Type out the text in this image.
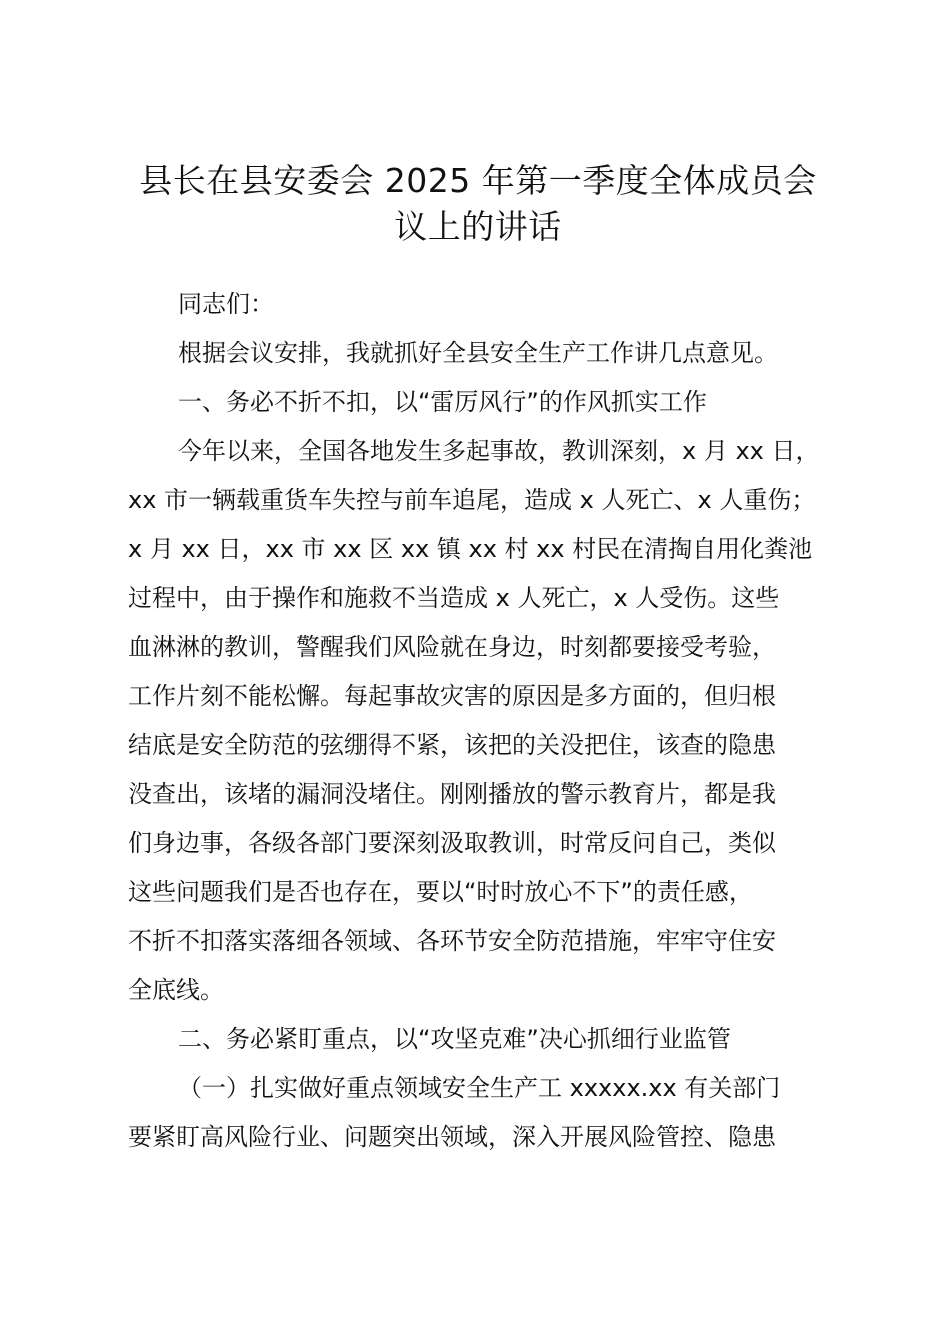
县长在县安委会 2025 年第一季度全体成员会
议上的讲话
同志们：
根据会议安排，我就抓好全县安全生产工作讲几点意见。
一、务必不折不扣，以“雷厉风行”的作风抓实工作
今年以来，全国各地发生多起事故，教训深刻，x 月 xx 日，
xx 市一辆载重货车失控与前车追尾，造成 x 人死亡、x 人重伤；
x 月 xx 日，xx 市 xx 区 xx 镇 xx 村 xx 村民在清掏自用化粪池
过程中，由于操作和施救不当造成 x 人死亡，x 人受伤。这些
血淋淋的教训，警醒我们风险就在身边，时刻都要接受考验，
工作片刻不能松懈。每起事故灾害的原因是多方面的，但归根
结底是安全防范的弦绷得不紧，该把的关没把住，该查的隐患
没查出，该堵的漏洞没堵住。刚刚播放的警示教育片，都是我
们身边事，各级各部门要深刻汲取教训，时常反问自己，类似
这些问题我们是否也存在，要以“时时放心不下”的责任感，
不折不扣落实落细各领域、各环节安全防范措施，牢牢守住安
全底线。
二、务必紧盯重点，以“攻坚克难”决心抓细行业监管
（一）扎实做好重点领域安全生产工 xxxxx.xx 有关部门
要紧盯高风险行业、问题突出领域，深入开展风险管控、隐患
